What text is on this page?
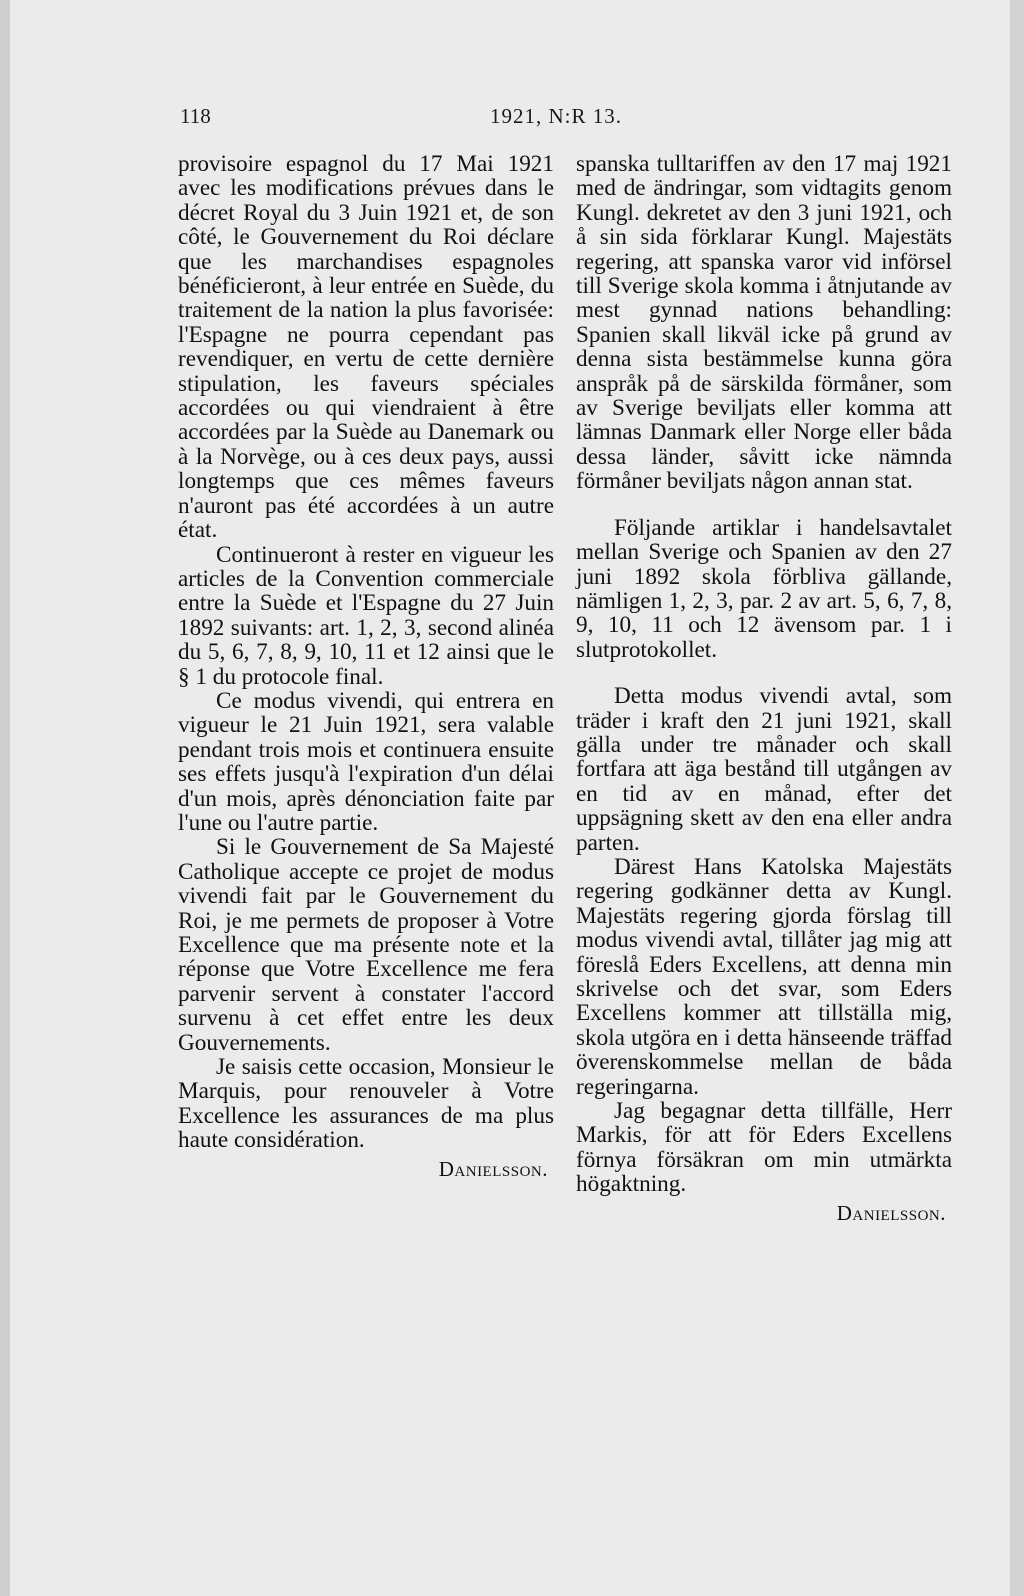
118	1921, N:R 13.

provisoire espagnol du 17 Mai 1921 avec les modifications prévues dans le décret Royal du 3 Juin 1921 et, de son côté, le Gouvernement du Roi déclare que les marchandises espagnoles bénéficieront, à leur entrée en Suède, du traitement de la nation la plus favorisée: l'Espagne ne pourra cependant pas revendiquer, en vertu de cette dernière stipulation, les faveurs spéciales accordées ou qui viendraient à être accordées par la Suède au Danemark ou à la Norvège, ou à ces deux pays, aussi longtemps que ces mêmes faveurs n'auront pas été accordées à un autre état.

Continueront à rester en vigueur les articles de la Convention commerciale entre la Suède et l'Espagne du 27 Juin 1892 suivants: art. 1, 2, 3, second alinéa du 5, 6, 7, 8, 9, 10, 11 et 12 ainsi que le § 1 du protocole final.

Ce modus vivendi, qui entrera en vigueur le 21 Juin 1921, sera valable pendant trois mois et continuera ensuite ses effets jusqu'à l'expiration d'un délai d'un mois, après dénonciation faite par l'une ou l'autre partie.

Si le Gouvernement de Sa Majesté Catholique accepte ce projet de modus vivendi fait par le Gouvernement du Roi, je me permets de proposer à Votre Excellence que ma présente note et la réponse que Votre Excellence me fera parvenir servent à constater l'accord survenu à cet effet entre les deux Gouvernements.

Je saisis cette occasion, Monsieur le Marquis, pour renouveler à Votre Excellence les assurances de ma plus haute considération.

Danielsson.

spanska tulltariffen av den 17 maj 1921 med de ändringar, som vidtagits genom Kungl. dekretet av den 3 juni 1921, och å sin sida förklarar Kungl. Majestäts regering, att spanska varor vid införsel till Sverige skola komma i åtnjutande av mest gynnad nations behandling: Spanien skall likväl icke på grund av denna sista bestämmelse kunna göra anspråk på de särskilda förmåner, som av Sverige beviljats eller komma att lämnas Danmark eller Norge eller båda dessa länder, såvitt icke nämnda förmåner beviljats någon annan stat.

Följande artiklar i handelsavtalet mellan Sverige och Spanien av den 27 juni 1892 skola förbliva gällande, nämligen 1, 2, 3, par. 2 av art. 5, 6, 7, 8, 9, 10, 11 och 12 ävensom par. 1 i slutprotokollet.

Detta modus vivendi avtal, som träder i kraft den 21 juni 1921, skall gälla under tre månader och skall fortfara att äga bestånd till utgången av en tid av en månad, efter det uppsägning skett av den ena eller andra parten.

Därest Hans Katolska Majestäts regering godkänner detta av Kungl. Majestäts regering gjorda förslag till modus vivendi avtal, tillåter jag mig att föreslå Eders Excellens, att denna min skrivelse och det svar, som Eders Excellens kommer att tillställa mig, skola utgöra en i detta hänseende träffad överenskommelse mellan de båda regeringarna.

Jag begagnar detta tillfälle, Herr Markis, för att för Eders Excellens förnya försäkran om min utmärkta högaktning.

Danielsson.
